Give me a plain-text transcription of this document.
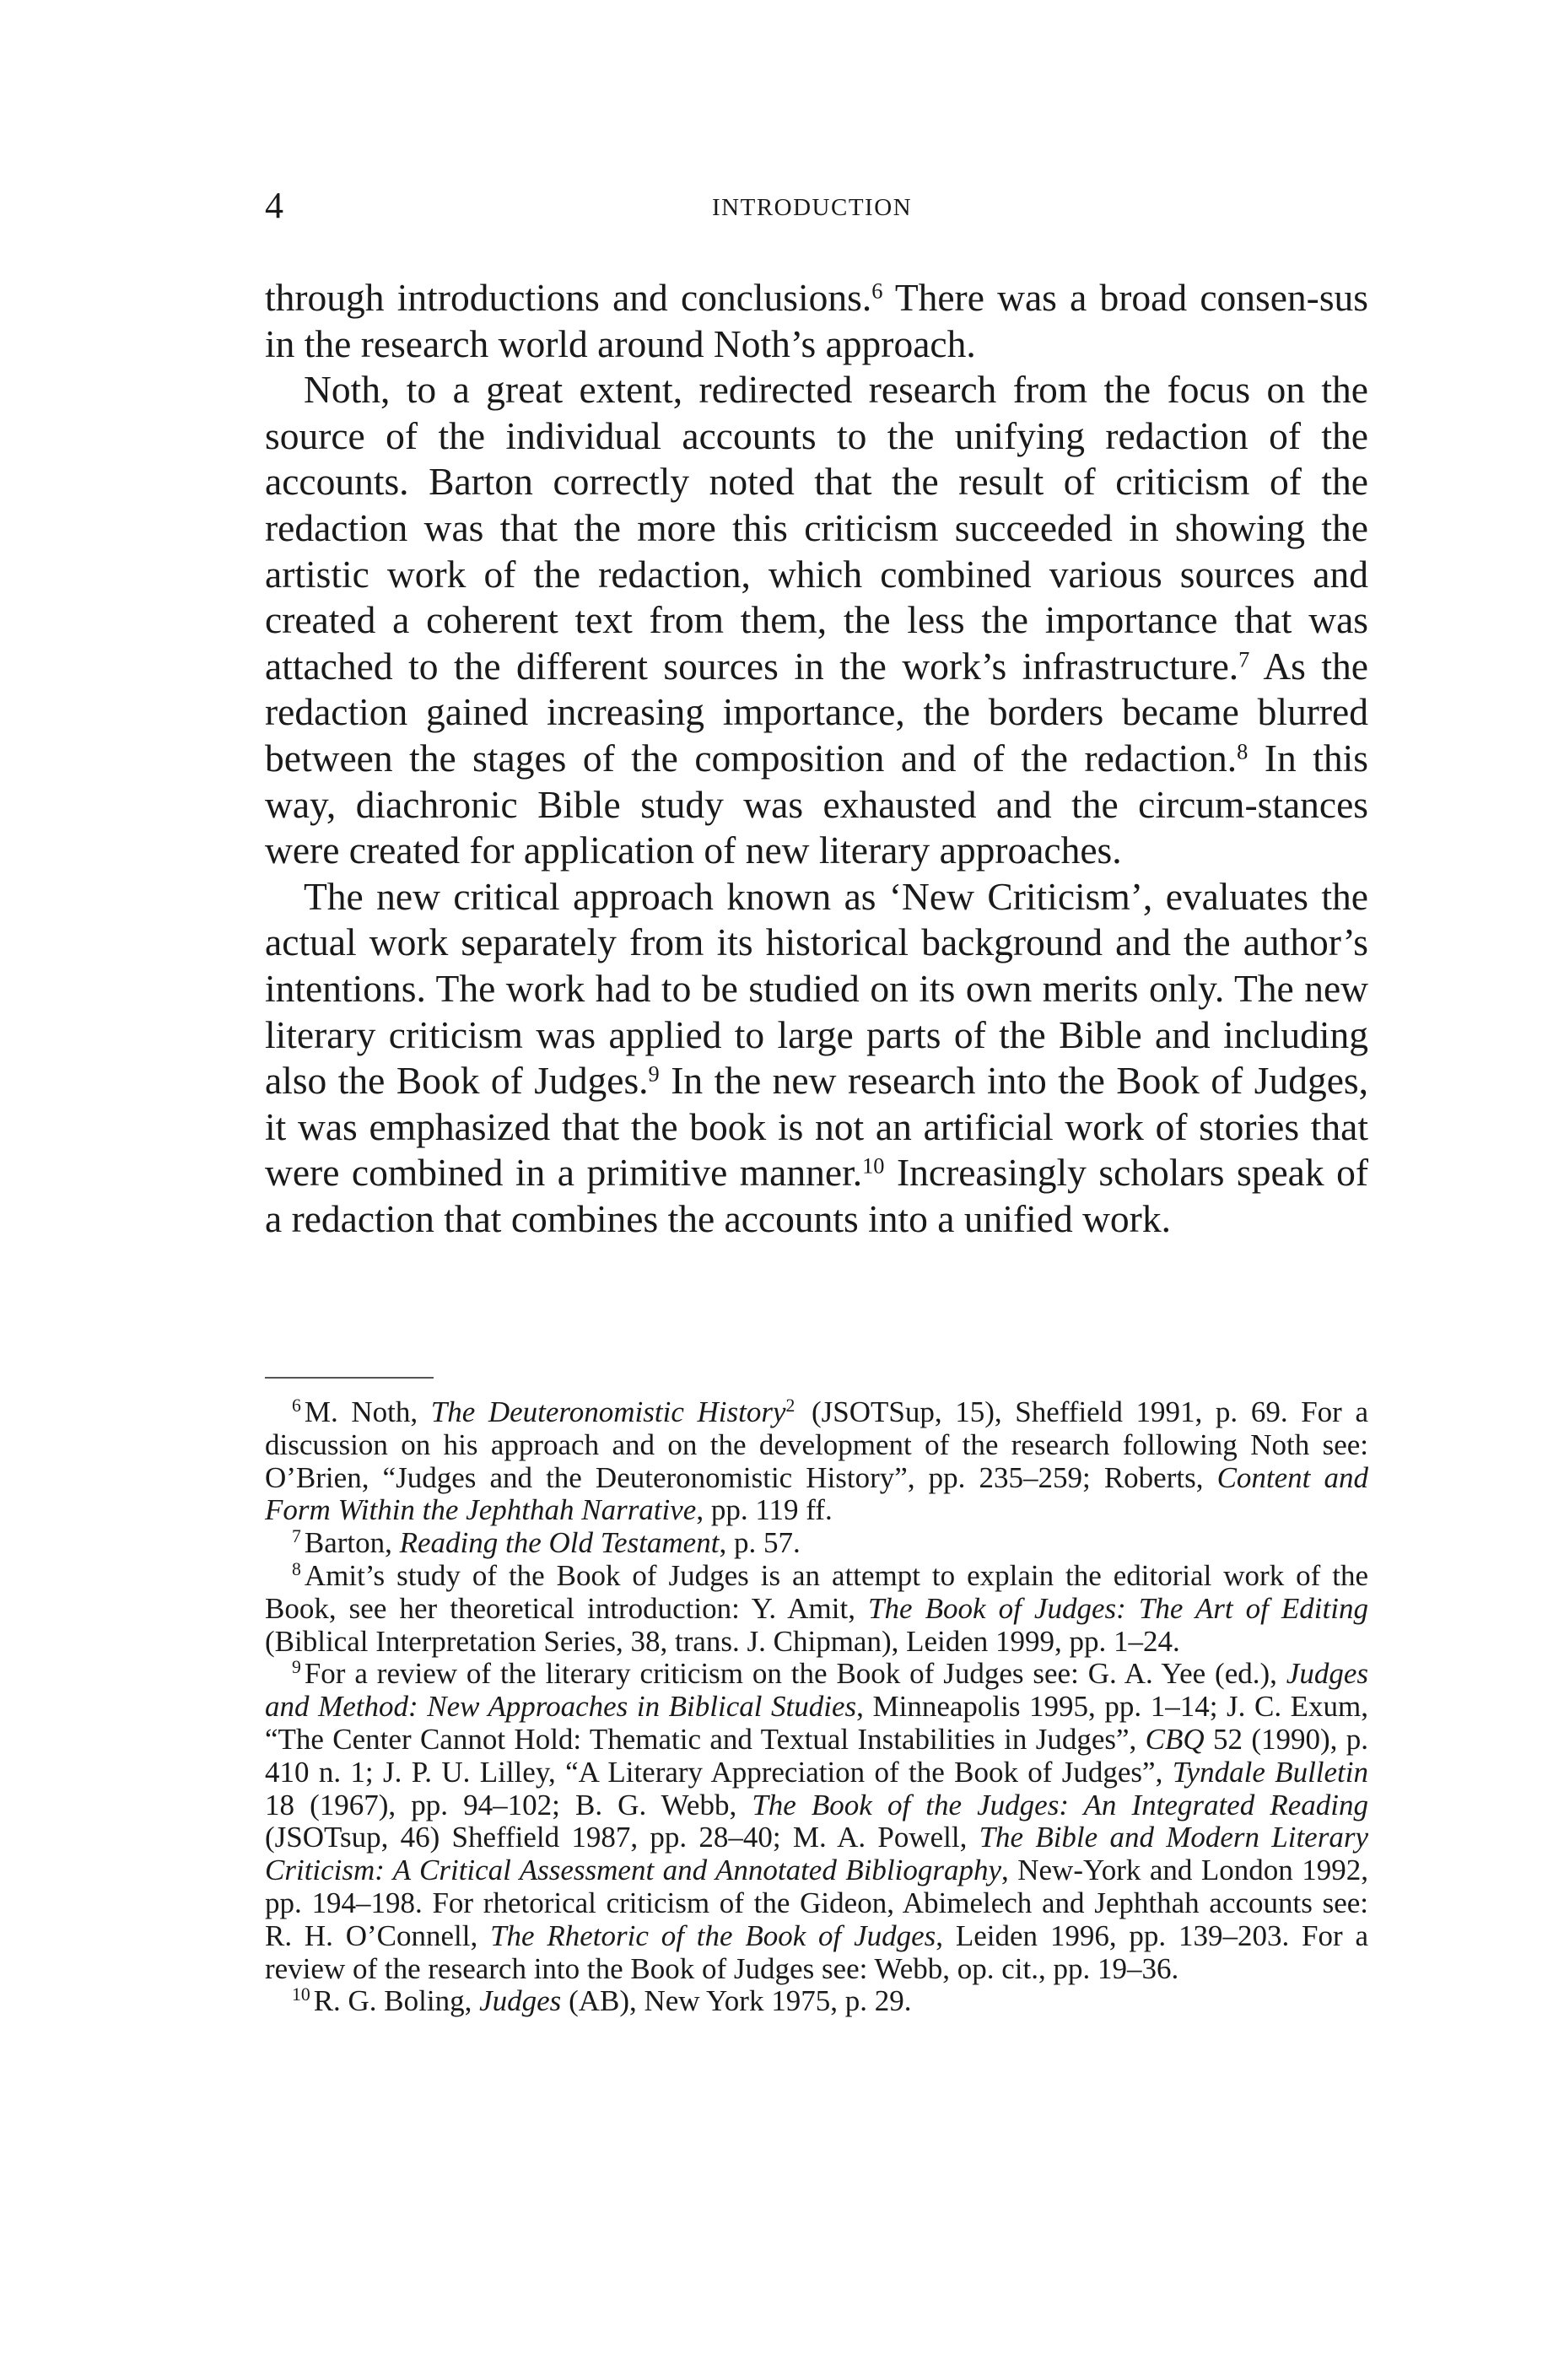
4	INTRODUCTION

through introductions and conclusions.$^6$ There was a broad consen-sus in the research world around Noth’s approach.

Noth, to a great extent, redirected research from the focus on the source of the individual accounts to the unifying redaction of the accounts. Barton correctly noted that the result of criticism of the redaction was that the more this criticism succeeded in showing the artistic work of the redaction, which combined various sources and created a coherent text from them, the less the importance that was attached to the different sources in the work’s infrastructure.$^7$ As the redaction gained increasing importance, the borders became blurred between the stages of the composition and of the redaction.$^8$ In this way, diachronic Bible study was exhausted and the circum-stances were created for application of new literary approaches.

The new critical approach known as ‘New Criticism’, evaluates the actual work separately from its historical background and the author’s intentions. The work had to be studied on its own merits only. The new literary criticism was applied to large parts of the Bible and including also the Book of Judges.$^9$ In the new research into the Book of Judges, it was emphasized that the book is not an artificial work of stories that were combined in a primitive manner.$^{10}$ Increasingly scholars speak of a redaction that combines the accounts into a unified work.

$^6$ M. Noth, The Deuteronomistic History$^2$ (JSOTSup, 15), Sheffield 1991, p. 69. For a discussion on his approach and on the development of the research following Noth see: O’Brien, “Judges and the Deuteronomistic History”, pp. 235–259; Roberts, Content and Form Within the Jephthah Narrative, pp. 119 ff.

$^7$ Barton, Reading the Old Testament, p. 57.

$^8$ Amit’s study of the Book of Judges is an attempt to explain the editorial work of the Book, see her theoretical introduction: Y. Amit, The Book of Judges: The Art of Editing (Biblical Interpretation Series, 38, trans. J. Chipman), Leiden 1999, pp. 1–24.

$^9$ For a review of the literary criticism on the Book of Judges see: G. A. Yee (ed.), Judges and Method: New Approaches in Biblical Studies, Minneapolis 1995, pp. 1–14; J. C. Exum, “The Center Cannot Hold: Thematic and Textual Instabilities in Judges”, CBQ 52 (1990), p. 410 n. 1; J. P. U. Lilley, “A Literary Appreciation of the Book of Judges”, Tyndale Bulletin 18 (1967), pp. 94–102; B. G. Webb, The Book of the Judges: An Integrated Reading (JSOTsup, 46) Sheffield 1987, pp. 28–40; M. A. Powell, The Bible and Modern Literary Criticism: A Critical Assessment and Annotated Bibliography, New-York and London 1992, pp. 194–198. For rhetorical criticism of the Gideon, Abimelech and Jephthah accounts see: R. H. O’Connell, The Rhetoric of the Book of Judges, Leiden 1996, pp. 139–203. For a review of the research into the Book of Judges see: Webb, op. cit., pp. 19–36.

$^{10}$ R. G. Boling, Judges (AB), New York 1975, p. 29.
